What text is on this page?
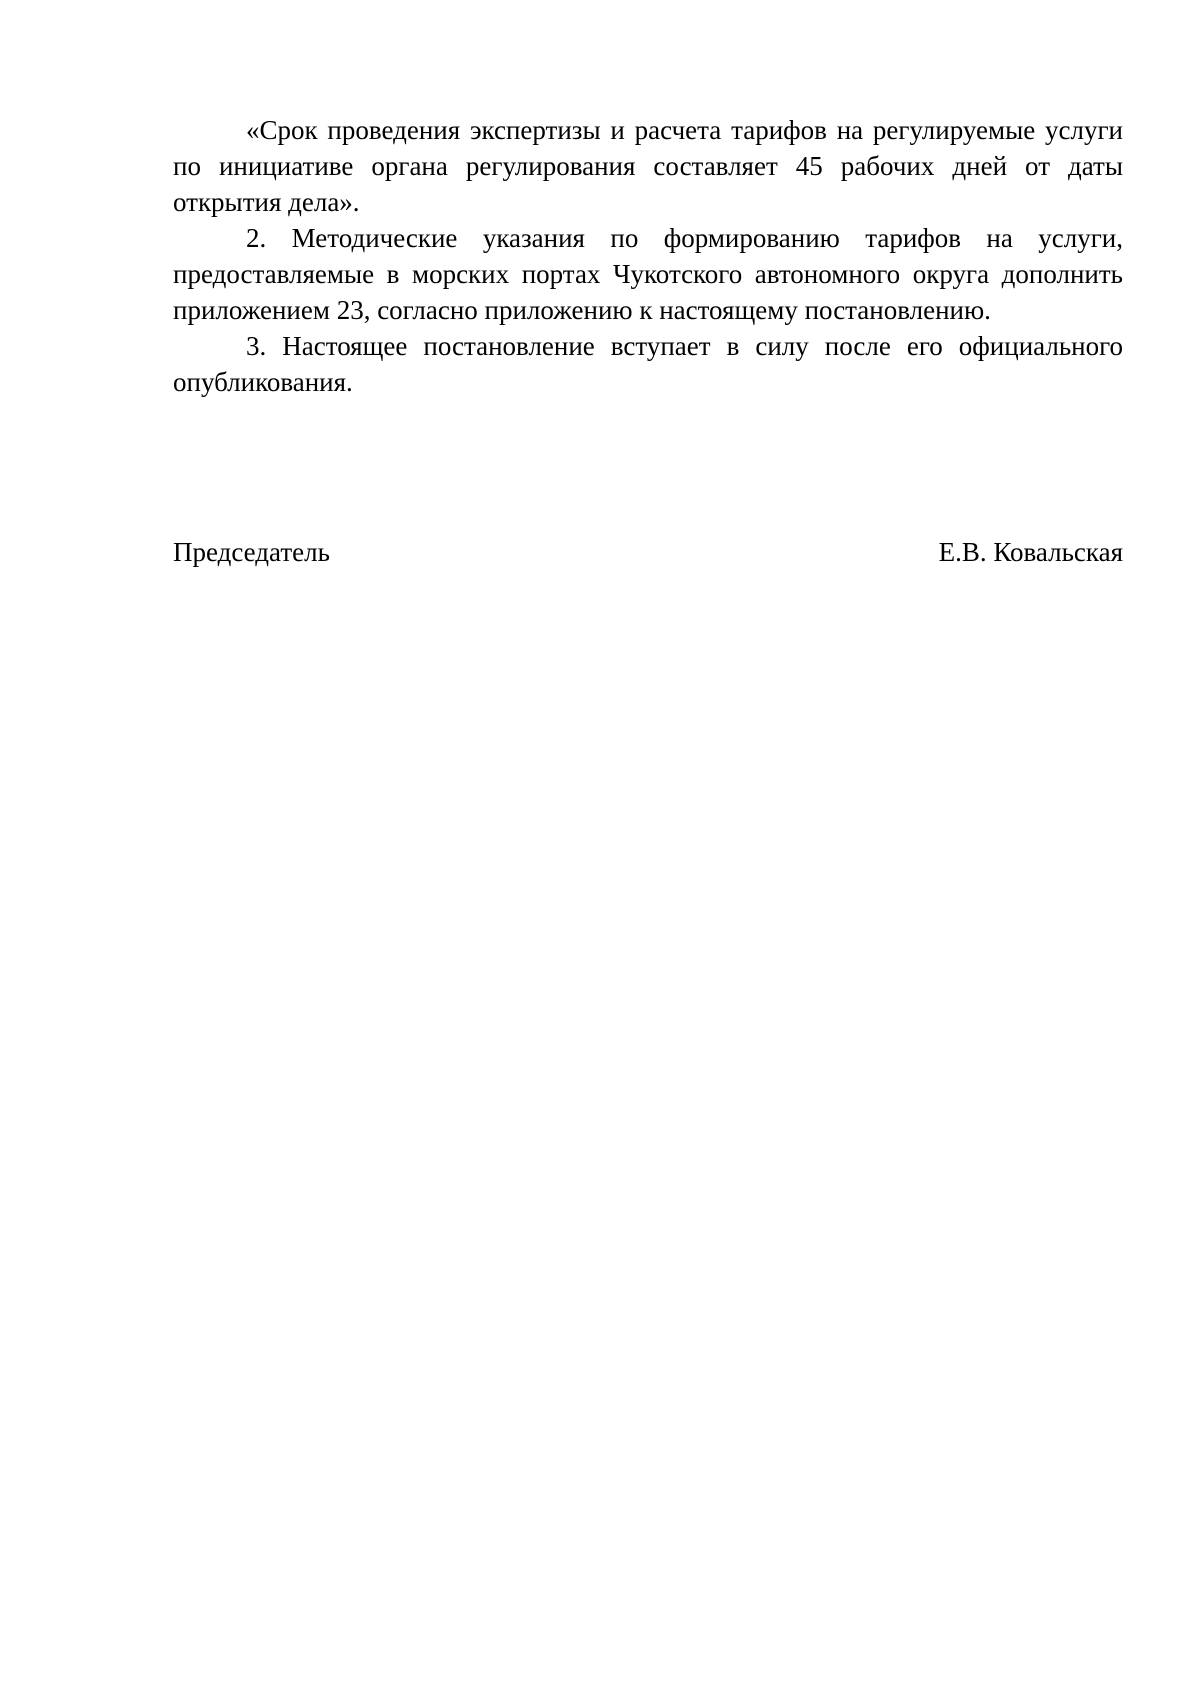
«Срок проведения экспертизы и расчета тарифов на регулируемые услуги по инициативе органа регулирования составляет 45 рабочих дней от даты открытия дела».

2. Методические указания по формированию тарифов на услуги, предоставляемые в морских портах Чукотского автономного округа дополнить приложением 23, согласно приложению к настоящему постановлению.

3. Настоящее постановление вступает в силу после его официального опубликования.

Председатель	Е.В. Ковальская
